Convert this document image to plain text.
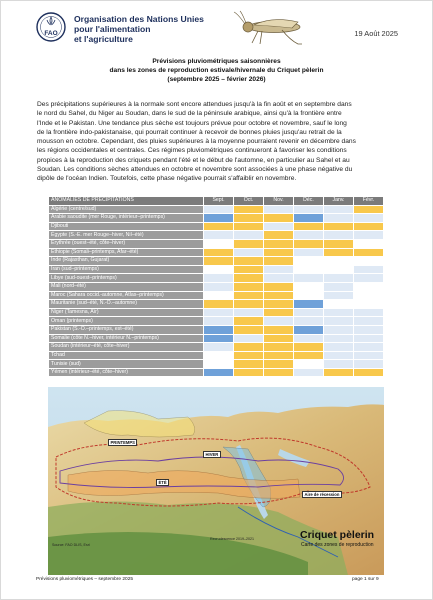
FAO
Organisation des Nations Unies
pour l'alimentation
et l'agriculture
19 Août 2025
Prévisions pluviométriques saisonnières
dans les zones de reproduction estivale/hivernale du Criquet pèlerin
(septembre 2025 – février 2026)
Des précipitations supérieures à la normale sont encore attendues jusqu'à la fin août et en septembre dans
le nord du Sahel, du Niger au Soudan, dans le sud de la péninsule arabique, ainsi qu'à la frontière entre
l'Inde et le Pakistan. Une tendance plus sèche est toujours prévue pour octobre et novembre, sauf le long
de la frontière indo-pakistanaise, qui pourrait continuer à recevoir de bonnes pluies jusqu'au retrait de la
mousson en octobre. Cependant, des pluies supérieures à la moyenne pourraient revenir en décembre dans
les régions occidentales et centrales. Ces régimes pluviométriques continueront à favoriser les conditions
propices à la reproduction des criquets pendant l'été et le début de l'automne, en particulier au Sahel et au
Soudan. Les conditions sèches attendues en octobre et novembre sont associées à une phase négative du
dipôle de l'océan Indien. Toutefois, cette phase négative pourrait s'affaiblir en novembre.
ANOMALIES DE PRÉCIPITATIONS	Sept.	Oct.	Nov.	Déc.	Janv.	Févr.
Algérie (centre/sud)						
Arabie saoudite (mer Rouge, intérieur–printemps)						
Djibouti						
Égypte (S.-E. mer Rouge–hiver, Nil–été)						
Érythrée (ouest–été, côte–hiver)						
Éthiopie (Somali–printemps, Afar–été)						
Inde (Rajasthan, Gujarat)						
Iran (sud–printemps)						
Libye (sud-ouest–printemps)						
Mali (nord–été)						
Maroc (Sahara occid.-automne, Atlas–printemps)						
Mauritanie (sud–été, N.-O.–automne)						
Niger (Tamesna, Aïr)						
Oman (printemps)						
Pakistan (S.-O.–printemps, est–été)						
Somalie (côte N.–hiver, intérieur N.–printemps)						
Soudan (intérieur–été, côte–hiver)						
Tchad						
Tunisie (sud)						
Yémen (intérieur–été, côte–hiver)						
PRINTEMPS
HIVER
ÉTÉ
Aire de récession
Recrudescence 2019–2021
Source: FAO DLIS, Esri
Criquet pèlerin
Carte des zones de reproduction
Prévisions pluviométriques – septembre 2025	page 1 sur 9
